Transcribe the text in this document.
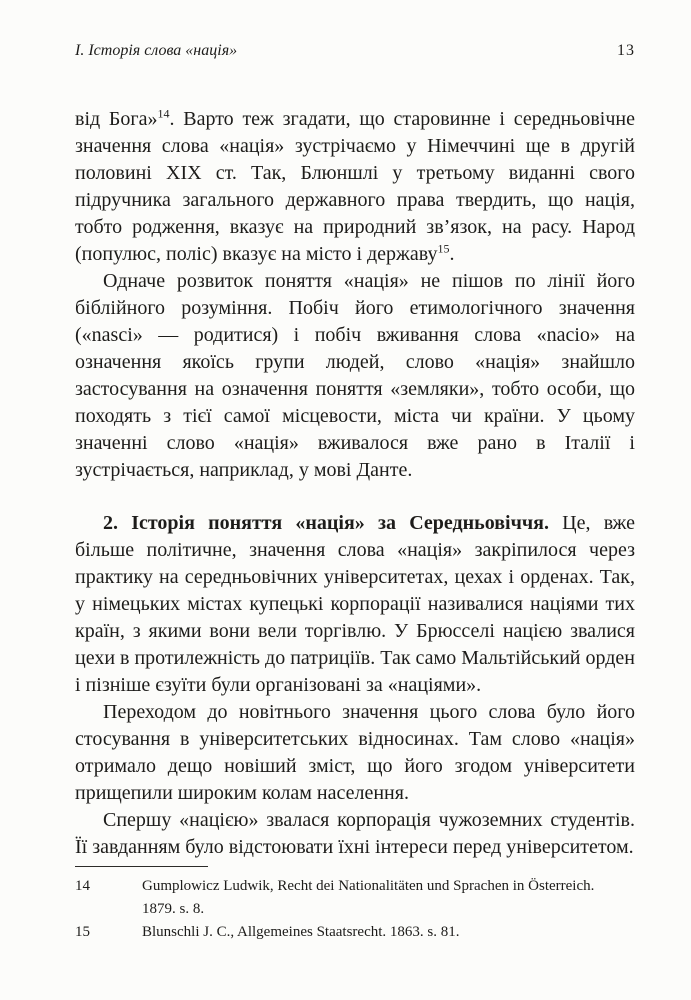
І. Історія слова «нація»	13

від Бога»$^{14}$. Варто теж згадати, що старовинне і середньовічне значення слова «нація» зустрічаємо у Німеччині ще в другій половині XIX ст. Так, Блюншлі у третьому виданні свого підручника загального державного права твердить, що нація, тобто родження, вказує на природний зв’язок, на расу. Народ (популюс, поліс) вказує на місто і державу$^{15}$.

Одначе розвиток поняття «нація» не пішов по лінії його біблійного розуміння. Побіч його етимологічного значення («nasci» — родитися) і побіч вживання слова «nacio» на означення якоїсь групи людей, слово «нація» знайшло застосування на означення поняття «земляки», тобто особи, що походять з тієї самої місцевости, міста чи країни. У цьому значенні слово «нація» вживалося вже рано в Італії і зустрічається, наприклад, у мові Данте.

2. Історія поняття «нація» за Середньовіччя. Це, вже більше політичне, значення слова «нація» закріпилося через практику на середньовічних університетах, цехах і орденах. Так, у німецьких містах купецькі корпорації називалися націями тих країн, з якими вони вели торгівлю. У Брюсселі нацією звалися цехи в протилежність до патриціїв. Так само Мальтійський орден і пізніше єзуїти були організовані за «націями».

Переходом до новітнього значення цього слова було його стосування в університетських відносинах. Там слово «нація» отримало дещо новіший зміст, що його згодом університети прищепили широким колам населення.

Спершу «нацією» звалася корпорація чужоземних студентів. Її завданням було відстоювати їхні інтереси перед університетом.

14	Gumplowicz Ludwik, Recht dei Nationalitäten und Sprachen in Österreich.
1879. s. 8.
15	Blunschli J. C., Allgemeines Staatsrecht. 1863. s. 81.
